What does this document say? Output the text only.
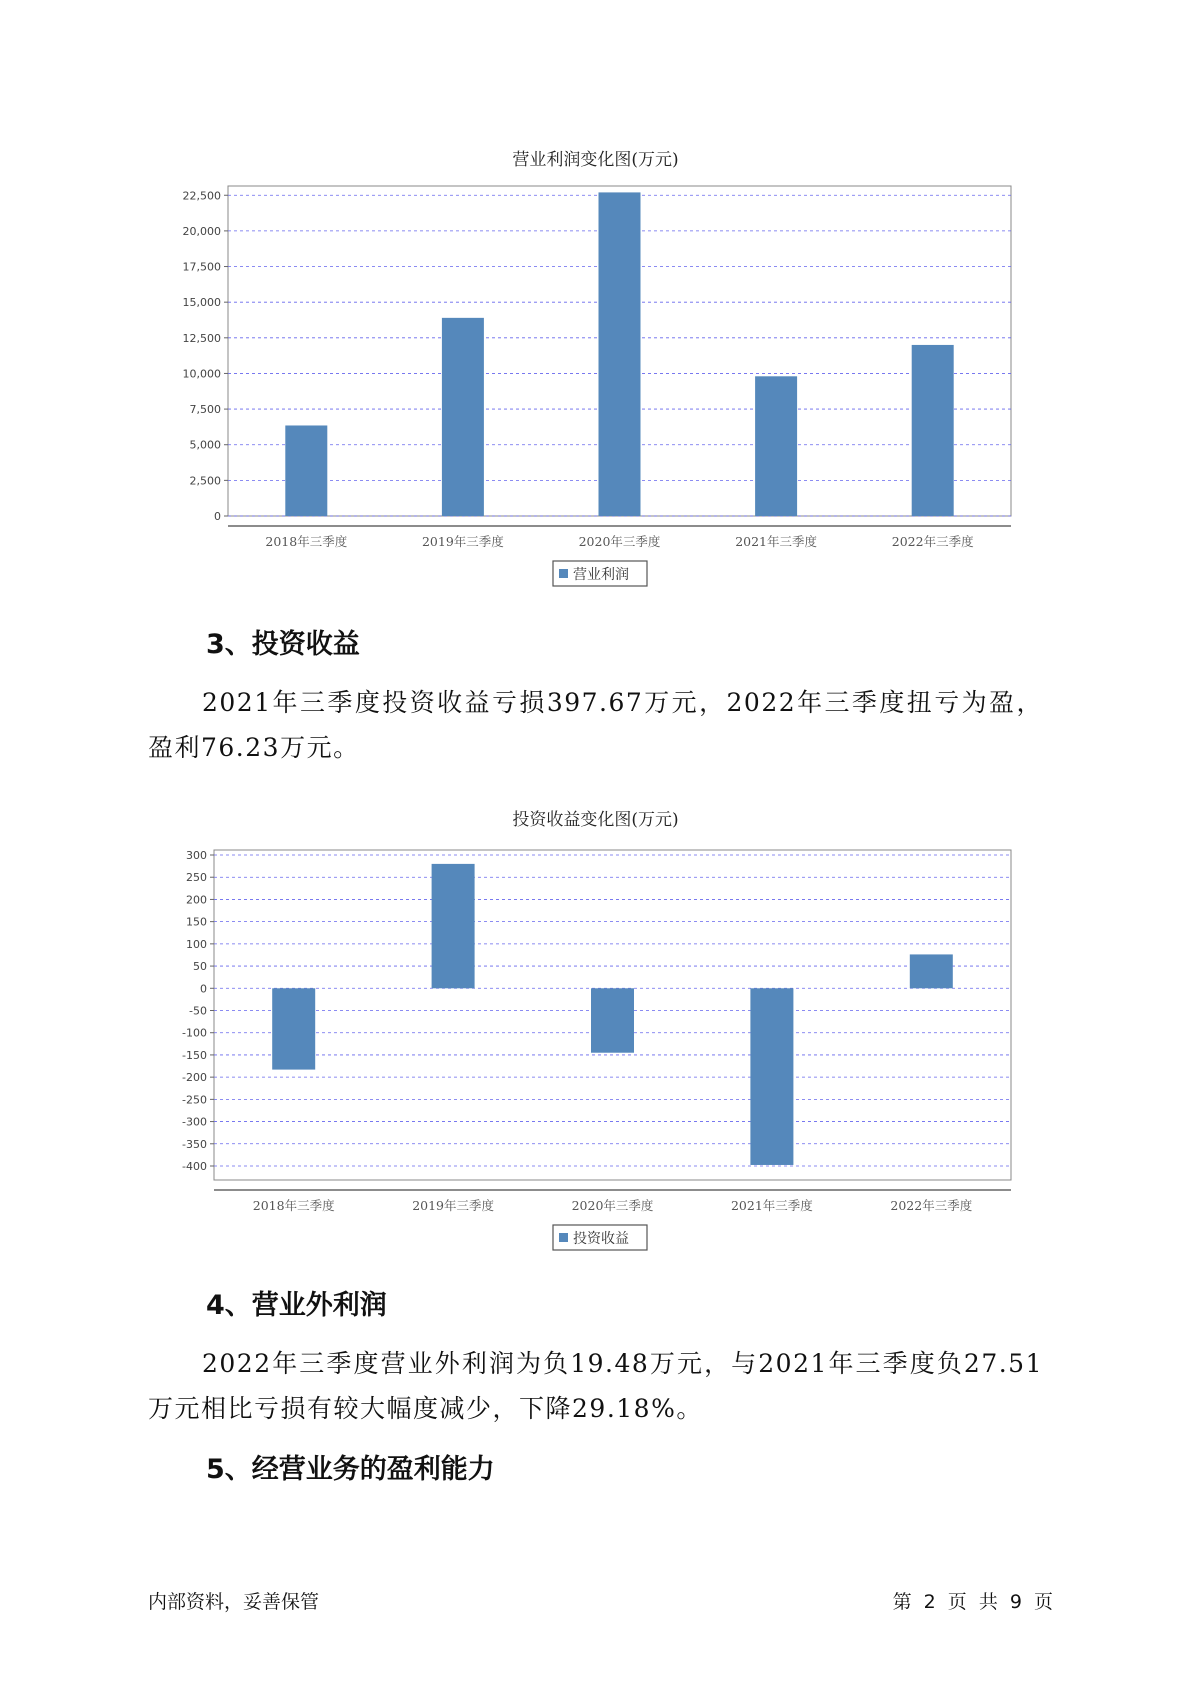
营业利润变化图(万元)
0
2,500
5,000
7,500
10,000
12,500
15,000
17,500
20,000
22,500
2018年三季度	2019年三季度	2020年三季度	2021年三季度	2022年三季度
营业利润
3、投资收益
2021年三季度投资收益亏损397.67万元，2022年三季度扭亏为盈，盈利76.23万元。
投资收益变化图(万元)
300
250
200
150
100
50
0
-50
-100
-150
-200
-250
-300
-350
-400
2018年三季度	2019年三季度	2020年三季度	2021年三季度	2022年三季度
投资收益
4、营业外利润
2022年三季度营业外利润为负19.48万元，与2021年三季度负27.51万元相比亏损有较大幅度减少，下降29.18%。
5、经营业务的盈利能力
内部资料，妥善保管	第 2 页 共 9 页
